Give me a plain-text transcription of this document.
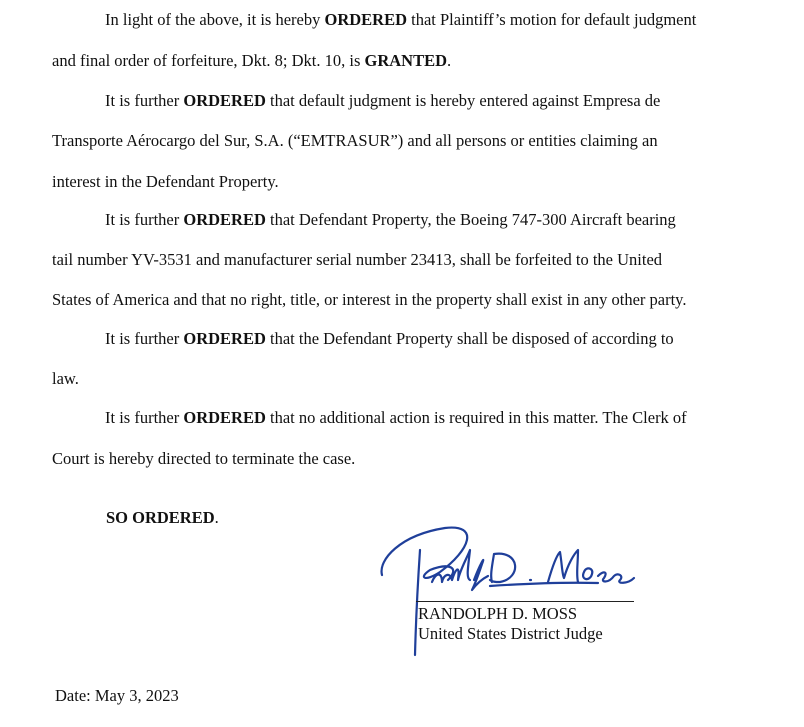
In light of the above, it is hereby ORDERED that Plaintiff’s motion for default judgment
and final order of forfeiture, Dkt. 8; Dkt. 10, is GRANTED.
It is further ORDERED that default judgment is hereby entered against Empresa de
Transporte Aérocargo del Sur, S.A. (“EMTRASUR”) and all persons or entities claiming an
interest in the Defendant Property.
It is further ORDERED that Defendant Property, the Boeing 747-300 Aircraft bearing
tail number YV-3531 and manufacturer serial number 23413, shall be forfeited to the United
States of America and that no right, title, or interest in the property shall exist in any other party.
It is further ORDERED that the Defendant Property shall be disposed of according to
law.
It is further ORDERED that no additional action is required in this matter. The Clerk of
Court is hereby directed to terminate the case.
SO ORDERED.
RANDOLPH D. MOSS
United States District Judge
Date: May 3, 2023
